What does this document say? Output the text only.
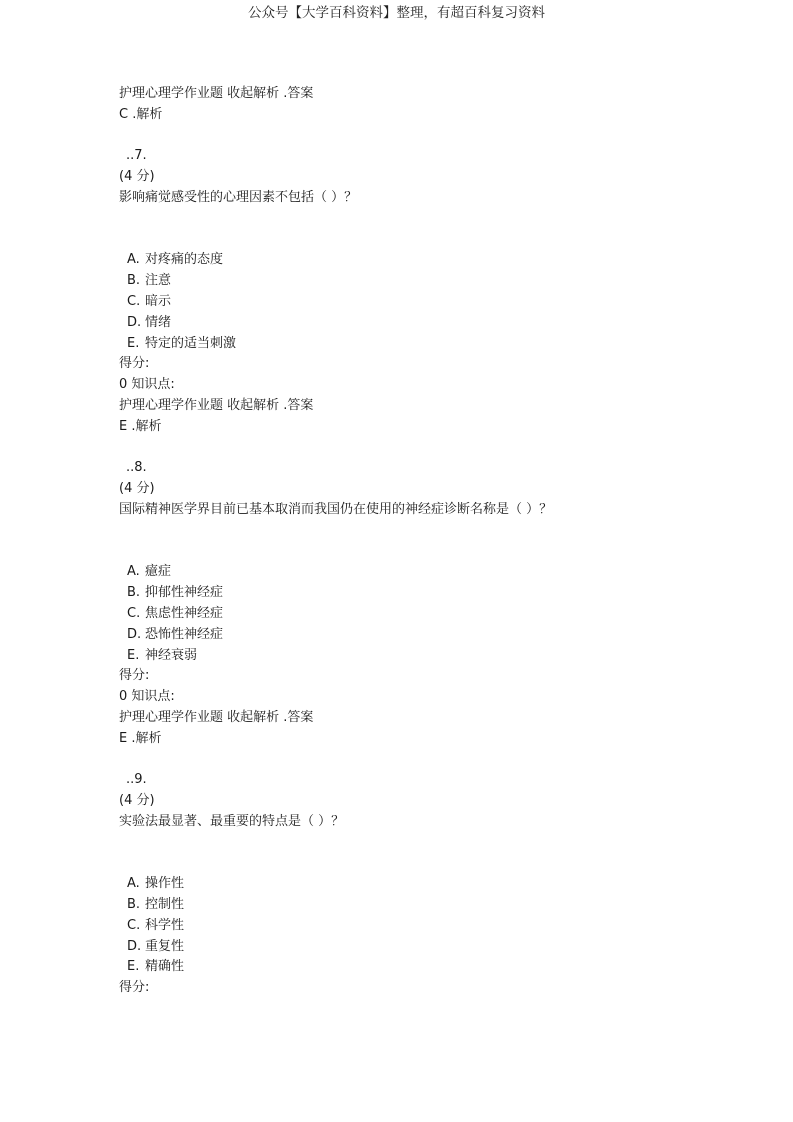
公众号【大学百科资料】整理，有超百科复习资料
护理心理学作业题 收起解析 .答案
C .解析
..7.
(4 分)
影响痛觉感受性的心理因素不包括（ ）？
A. 对疼痛的态度
B. 注意
C. 暗示
D. 情绪
E. 特定的适当刺激
得分:
0 知识点:
护理心理学作业题 收起解析 .答案
E .解析
..8.
(4 分)
国际精神医学界目前已基本取消而我国仍在使用的神经症诊断名称是（ ）？
A. 癔症
B. 抑郁性神经症
C. 焦虑性神经症
D. 恐怖性神经症
E. 神经衰弱
得分:
0 知识点:
护理心理学作业题 收起解析 .答案
E .解析
..9.
(4 分)
实验法最显著、最重要的特点是（ ）？
A. 操作性
B. 控制性
C. 科学性
D. 重复性
E. 精确性
得分:
